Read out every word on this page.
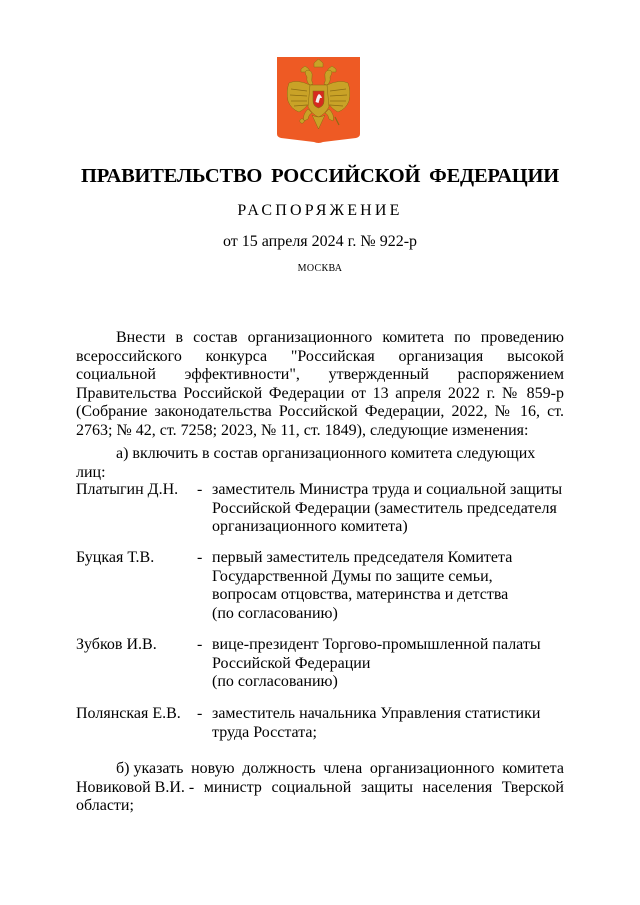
ПРАВИТЕЛЬСТВО РОССИЙСКОЙ ФЕДЕРАЦИИ
РАСПОРЯЖЕНИЕ
от 15 апреля 2024 г. № 922-р
МОСКВА

Внести в состав организационного комитета по проведению всероссийского конкурса "Российская организация высокой социальной эффективности", утвержденный распоряжением Правительства Российской Федерации от 13 апреля 2022 г. № 859-р (Собрание законодательства Российской Федерации, 2022, № 16, ст. 2763; № 42, ст. 7258; 2023, № 11, ст. 1849), следующие изменения:

а) включить в состав организационного комитета следующих лиц:

Платыгин Д.Н. - заместитель Министра труда и социальной защиты
Российской Федерации (заместитель председателя
организационного комитета)
Буцкая Т.В.	- первый заместитель председателя Комитета
Государственной Думы по защите семьи,
вопросам отцовства, материнства и детства
(по согласованию)
Зубков И.В.	- вице-президент Торгово-промышленной палаты
Российской Федерации
(по согласованию)
Полянская Е.В. - заместитель начальника Управления статистики
труда Росстата;
б) указать новую должность члена организационного комитета
Новиковой В.И. - министр социальной защиты населения Тверской
области;
